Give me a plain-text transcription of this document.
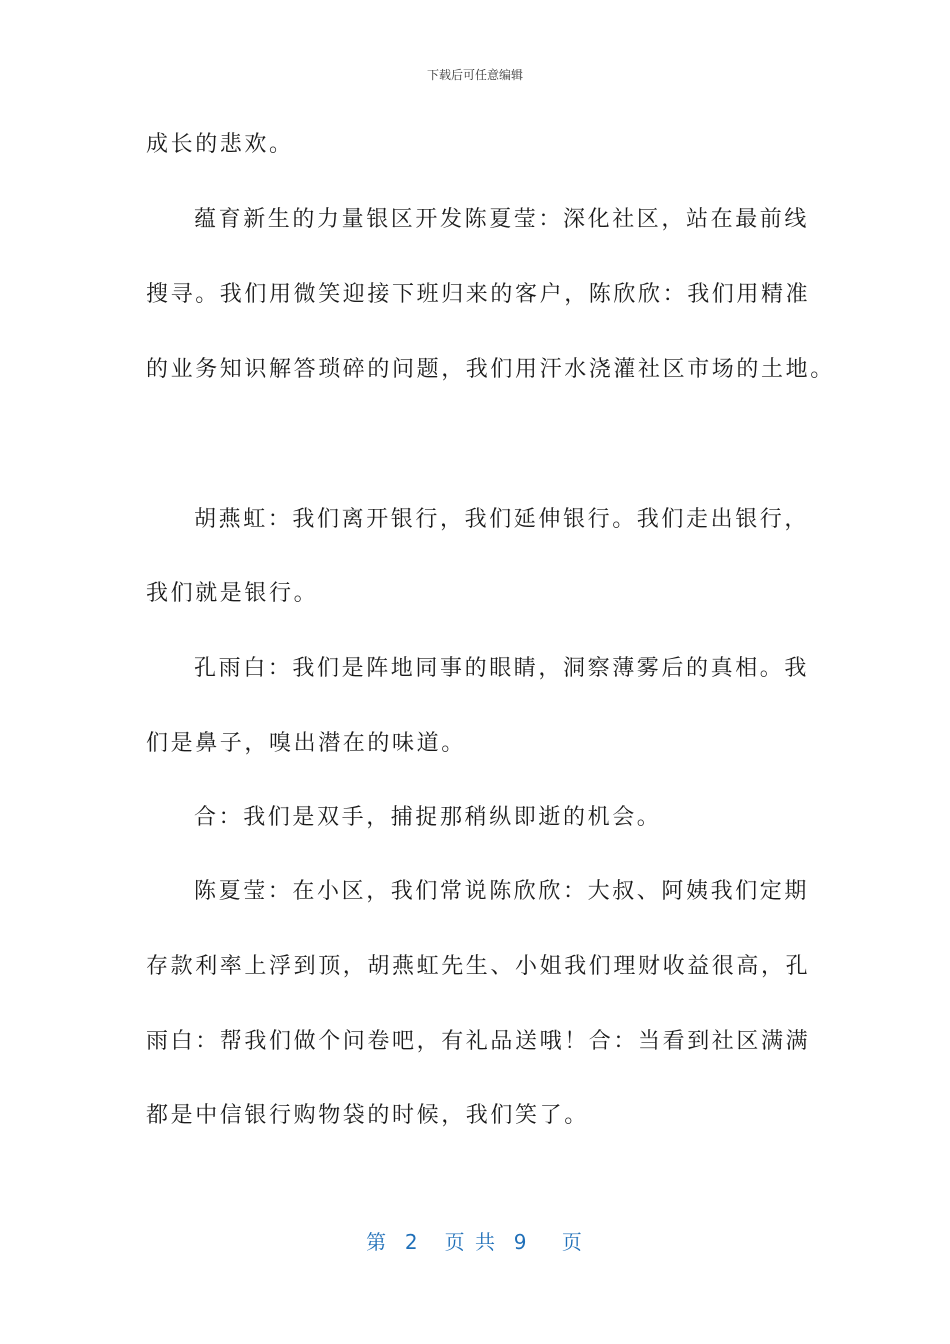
下载后可任意编辑
成长的悲欢。
蕴育新生的力量银区开发陈夏莹：深化社区，站在最前线
搜寻。我们用微笑迎接下班归来的客户，陈欣欣：我们用精准
的业务知识解答琐碎的问题，我们用汗水浇灌社区市场的土地。
胡燕虹：我们离开银行，我们延伸银行。我们走出银行，
我们就是银行。
孔雨白：我们是阵地同事的眼睛，洞察薄雾后的真相。我
们是鼻子，嗅出潜在的味道。
合：我们是双手，捕捉那稍纵即逝的机会。
陈夏莹：在小区，我们常说陈欣欣：大叔、阿姨我们定期
存款利率上浮到顶，胡燕虹先生、小姐我们理财收益很高，孔
雨白：帮我们做个问卷吧，有礼品送哦！合：当看到社区满满
都是中信银行购物袋的时候，我们笑了。
第  2   页 共  9    页
